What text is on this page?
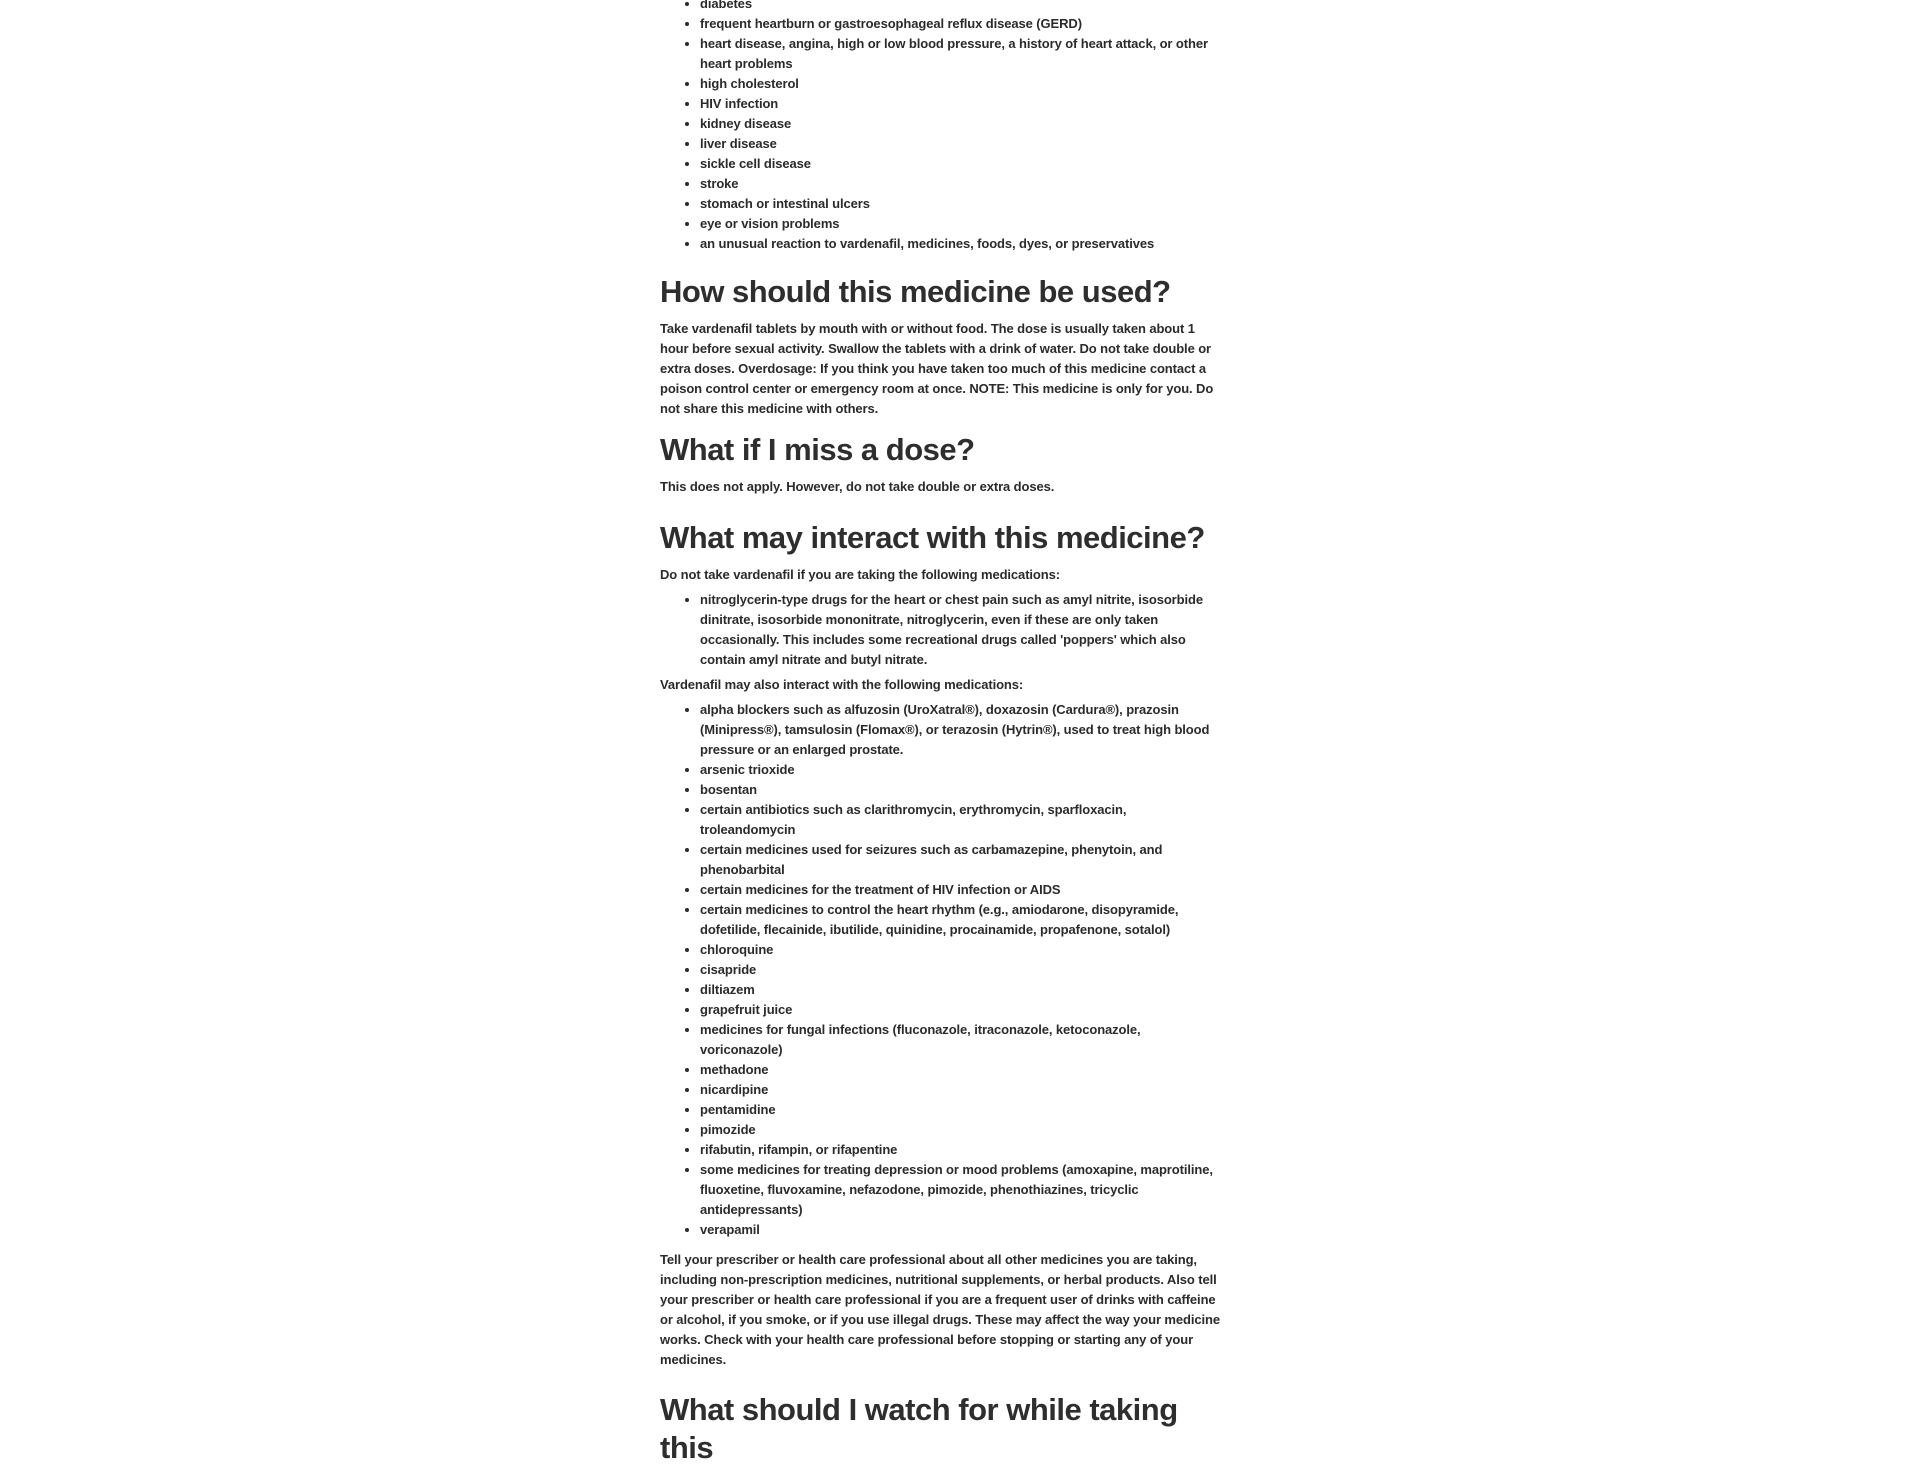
• diabetes
• frequent heartburn or gastroesophageal reflux disease (GERD)
• heart disease, angina, high or low blood pressure, a history of heart attack, or other heart problems
• high cholesterol
• HIV infection
• kidney disease
• liver disease
• sickle cell disease
• stroke
• stomach or intestinal ulcers
• eye or vision problems
• an unusual reaction to vardenafil, medicines, foods, dyes, or preservatives
How should this medicine be used?

Take vardenafil tablets by mouth with or without food. The dose is usually taken about 1 hour before sexual activity. Swallow the tablets with a drink of water. Do not take double or extra doses. Overdosage: If you think you have taken too much of this medicine contact a poison control center or emergency room at once. NOTE: This medicine is only for you. Do not share this medicine with others.

What if I miss a dose?

This does not apply. However, do not take double or extra doses.

What may interact with this medicine?

Do not take vardenafil if you are taking the following medications:

• nitroglycerin-type drugs for the heart or chest pain such as amyl nitrite, isosorbide dinitrate, isosorbide mononitrate, nitroglycerin, even if these are only taken occasionally. This includes some recreational drugs called 'poppers' which also contain amyl nitrate and butyl nitrate.

Vardenafil may also interact with the following medications:

• alpha blockers such as alfuzosin (UroXatral®), doxazosin (Cardura®), prazosin (Minipress®), tamsulosin (Flomax®), or terazosin (Hytrin®), used to treat high blood pressure or an enlarged prostate.
• arsenic trioxide
• bosentan
• certain antibiotics such as clarithromycin, erythromycin, sparfloxacin, troleandomycin
• certain medicines used for seizures such as carbamazepine, phenytoin, and phenobarbital
• certain medicines for the treatment of HIV infection or AIDS
• certain medicines to control the heart rhythm (e.g., amiodarone, disopyramide, dofetilide, flecainide, ibutilide, quinidine, procainamide, propafenone, sotalol)
• chloroquine
• cisapride
• diltiazem
• grapefruit juice
• medicines for fungal infections (fluconazole, itraconazole, ketoconazole, voriconazole)
• methadone
• nicardipine
• pentamidine
• pimozide
• rifabutin, rifampin, or rifapentine
• some medicines for treating depression or mood problems (amoxapine, maprotiline, fluoxetine, fluvoxamine, nefazodone, pimozide, phenothiazines, tricyclic antidepressants)
• verapamil

Tell your prescriber or health care professional about all other medicines you are taking, including non-prescription medicines, nutritional supplements, or herbal products. Also tell your prescriber or health care professional if you are a frequent user of drinks with caffeine or alcohol, if you smoke, or if you use illegal drugs. These may affect the way your medicine works. Check with your health care professional before stopping or starting any of your medicines.

What should I watch for while taking this
